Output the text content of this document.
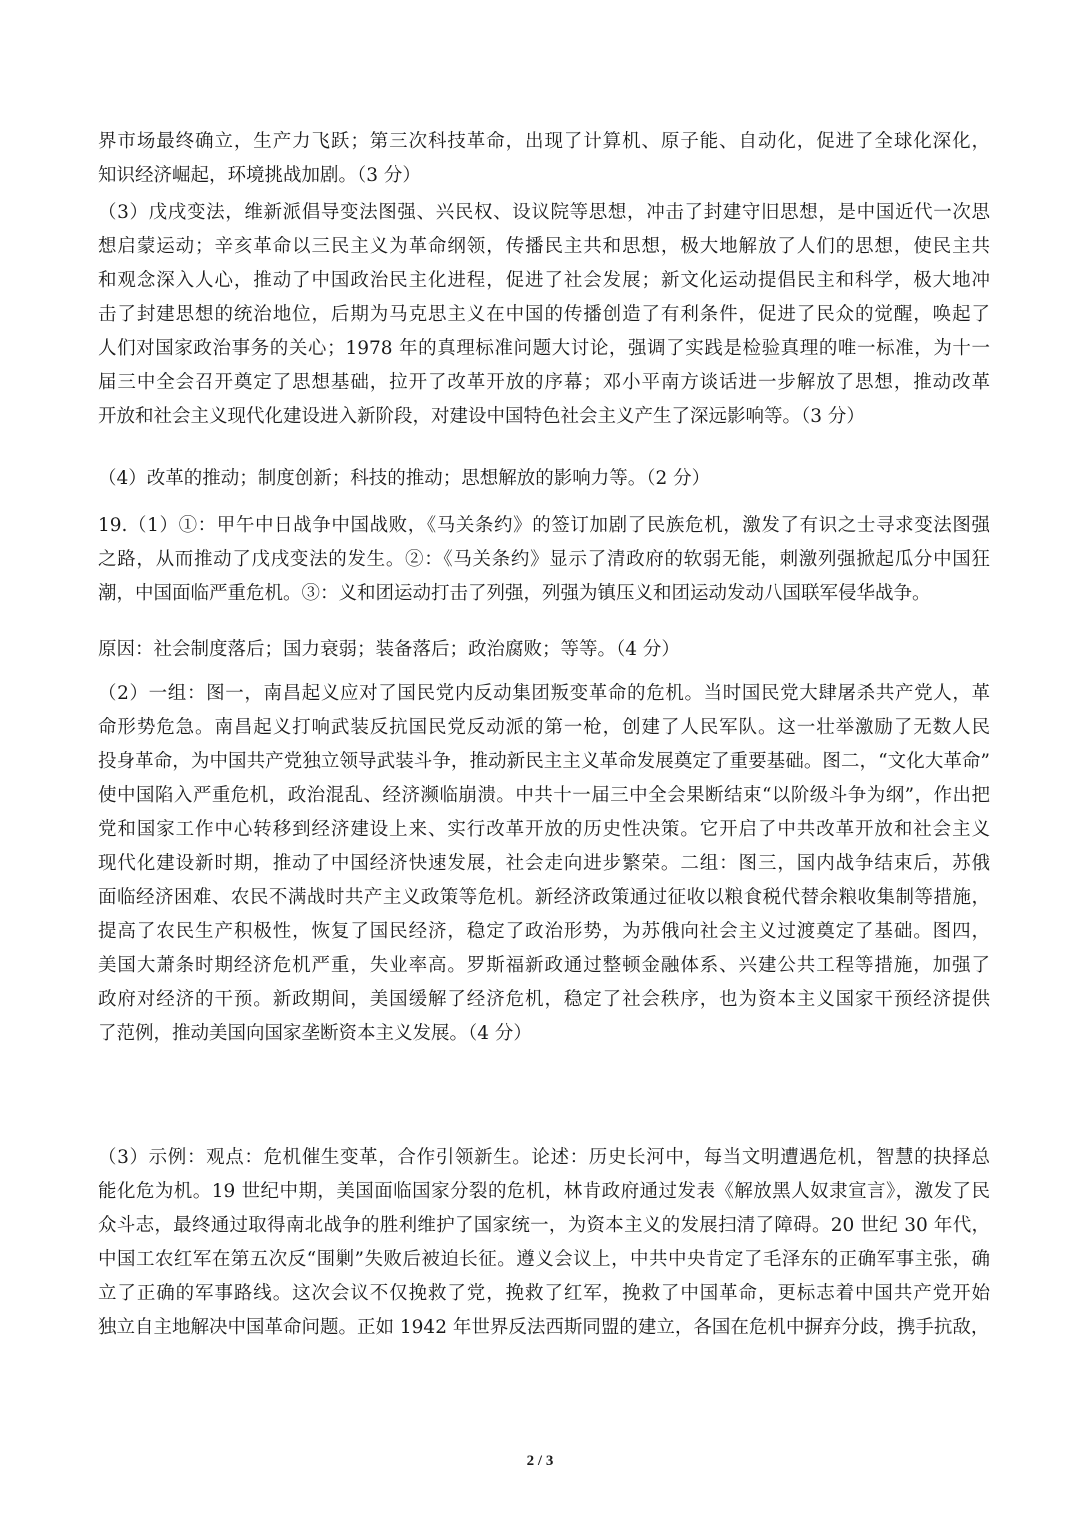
界市场最终确立，生产力飞跃；第三次科技革命，出现了计算机、原子能、自动化，促进了全球化深化，
知识经济崛起，环境挑战加剧。（3 分）
（3）戊戌变法，维新派倡导变法图强、兴民权、设议院等思想，冲击了封建守旧思想，是中国近代一次思
想启蒙运动；辛亥革命以三民主义为革命纲领，传播民主共和思想，极大地解放了人们的思想，使民主共
和观念深入人心，推动了中国政治民主化进程，促进了社会发展；新文化运动提倡民主和科学，极大地冲
击了封建思想的统治地位，后期为马克思主义在中国的传播创造了有利条件，促进了民众的觉醒，唤起了
人们对国家政治事务的关心；1978 年的真理标准问题大讨论，强调了实践是检验真理的唯一标准，为十一
届三中全会召开奠定了思想基础，拉开了改革开放的序幕；邓小平南方谈话进一步解放了思想，推动改革
开放和社会主义现代化建设进入新阶段，对建设中国特色社会主义产生了深远影响等。（3 分）
（4）改革的推动；制度创新；科技的推动；思想解放的影响力等。（2 分）
19.（1）①：甲午中日战争中国战败，《马关条约》的签订加剧了民族危机，激发了有识之士寻求变法图强
之路，从而推动了戊戌变法的发生。②：《马关条约》显示了清政府的软弱无能，刺激列强掀起瓜分中国狂
潮，中国面临严重危机。③：义和团运动打击了列强，列强为镇压义和团运动发动八国联军侵华战争。
原因：社会制度落后；国力衰弱；装备落后；政治腐败；等等。（4 分）
（2）一组：图一，南昌起义应对了国民党内反动集团叛变革命的危机。当时国民党大肆屠杀共产党人，革
命形势危急。南昌起义打响武装反抗国民党反动派的第一枪，创建了人民军队。这一壮举激励了无数人民
投身革命，为中国共产党独立领导武装斗争，推动新民主主义革命发展奠定了重要基础。图二，“文化大革命”
使中国陷入严重危机，政治混乱、经济濒临崩溃。中共十一届三中全会果断结束“以阶级斗争为纲”，作出把
党和国家工作中心转移到经济建设上来、实行改革开放的历史性决策。它开启了中共改革开放和社会主义
现代化建设新时期，推动了中国经济快速发展，社会走向进步繁荣。二组：图三，国内战争结束后，苏俄
面临经济困难、农民不满战时共产主义政策等危机。新经济政策通过征收以粮食税代替余粮收集制等措施，
提高了农民生产积极性，恢复了国民经济，稳定了政治形势，为苏俄向社会主义过渡奠定了基础。图四，
美国大萧条时期经济危机严重，失业率高。罗斯福新政通过整顿金融体系、兴建公共工程等措施，加强了
政府对经济的干预。新政期间，美国缓解了经济危机，稳定了社会秩序，也为资本主义国家干预经济提供
了范例，推动美国向国家垄断资本主义发展。（4 分）
（3）示例：观点：危机催生变革，合作引领新生。论述：历史长河中，每当文明遭遇危机，智慧的抉择总
能化危为机。19 世纪中期，美国面临国家分裂的危机，林肯政府通过发表《解放黑人奴隶宣言》，激发了民
众斗志，最终通过取得南北战争的胜利维护了国家统一，为资本主义的发展扫清了障碍。20 世纪 30 年代，
中国工农红军在第五次反“围剿”失败后被迫长征。遵义会议上，中共中央肯定了毛泽东的正确军事主张，确
立了正确的军事路线。这次会议不仅挽救了党，挽救了红军，挽救了中国革命，更标志着中国共产党开始
独立自主地解决中国革命问题。正如 1942 年世界反法西斯同盟的建立，各国在危机中摒弃分歧，携手抗敌，
2 / 3
